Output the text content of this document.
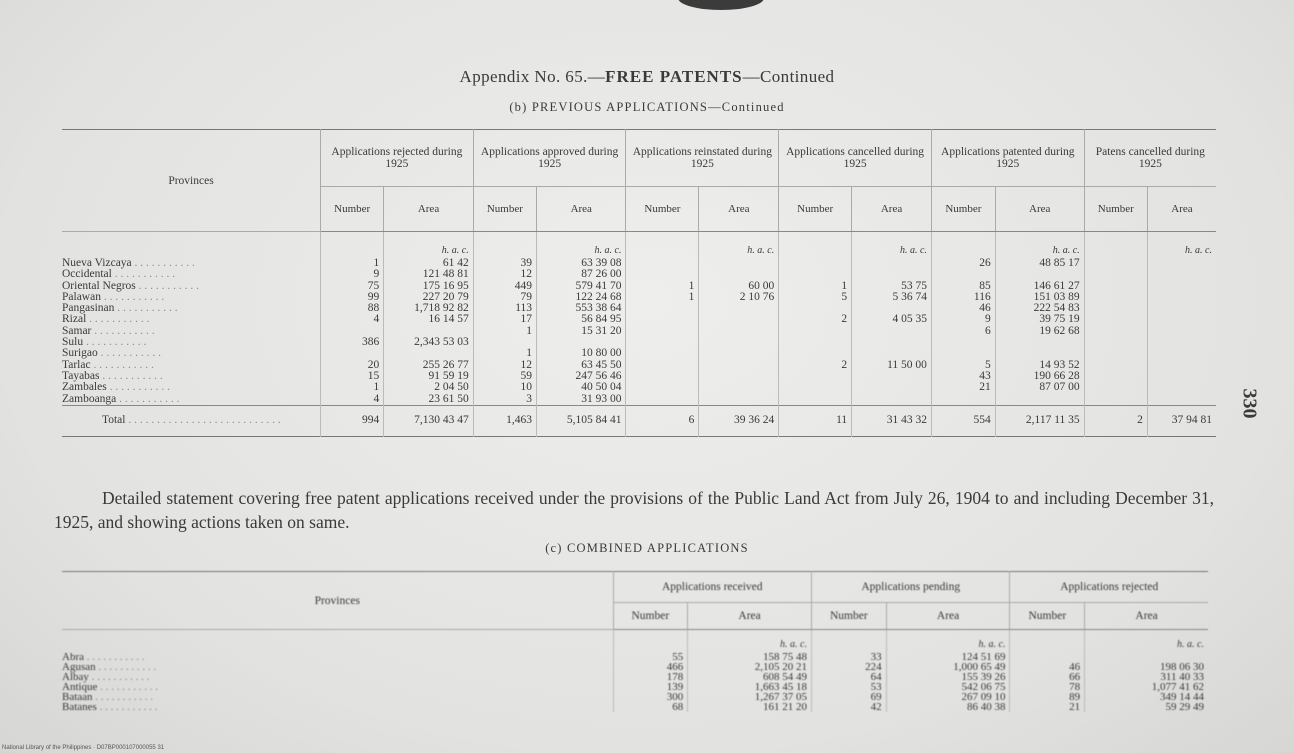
Appendix No. 65.—FREE PATENTS—Continued
(b) PREVIOUS APPLICATIONS—Continued
Provinces	Applications rejected during 1925		Applications approved during 1925		Applications reinstated during 1925		Applications cancelled during 1925		Applications patented during 1925		Patens cancelled during 1925	
	Number	Area	Number	Area	Number	Area	Number	Area	Number	Area	Number	Area
		h. a. c.		h. a. c.		h. a. c.		h. a. c.		h. a. c.		h. a. c.
Nueva Vizcaya . . . . . . . . . . .	1	61 42	39	63 39 08					26	48 85 17		
Occidental . . . . . . . . . . .	9	121 48 81	12	87 26 00								
Oriental Negros . . . . . . . . . . .	75	175 16 95	449	579 41 70	1	60 00	1	53 75	85	146 61 27		
Palawan . . . . . . . . . . .	99	227 20 79	79	122 24 68	1	2 10 76	5	5 36 74	116	151 03 89		
Pangasinan . . . . . . . . . . .	88	1,718 92 82	113	553 38 64					46	222 54 83		
Rizal . . . . . . . . . . .	4	16 14 57	17	56 84 95			2	4 05 35	9	39 75 19		
Samar . . . . . . . . . . .			1	15 31 20					6	19 62 68		
Sulu . . . . . . . . . . .	386	2,343 53 03										
Surigao . . . . . . . . . . .			1	10 80 00								
Tarlac . . . . . . . . . . .	20	255 26 77	12	63 45 50			2	11 50 00	5	14 93 52		
Tayabas . . . . . . . . . . .	15	91 59 19	59	247 56 46					43	190 66 28		
Zambales . . . . . . . . . . .	1	2 04 50	10	40 50 04					21	87 07 00		
Zamboanga . . . . . . . . . . .	4	23 61 50	3	31 93 00								
Total . . . . . . . . . . . . . . . . . . . . . . . . . . .	994	7,130 43 47	1,463	5,105 84 41	6	39 36 24	11	31 43 32	554	2,117 11 35	2	37 94 81
Detailed statement covering free patent applications received under the provisions of the Public Land Act from July 26, 1904 to and including December 31, 1925, and showing actions taken on same.
(c) COMBINED APPLICATIONS
Provinces	Applications received		Applications pending		Applications rejected	
	Number	Area	Number	Area	Number	Area
		h. a. c.		h. a. c.		h. a. c.
Abra . . . . . . . . . . .	55	158 75 48	33	124 51 69		
Agusan . . . . . . . . . . .	466	2,105 20 21	224	1,000 65 49	46	198 06 30
Albay . . . . . . . . . . .	178	608 54 49	64	155 39 26	66	311 40 33
Antique . . . . . . . . . . .	139	1,663 45 18	53	542 06 75	78	1,077 41 62
Bataan . . . . . . . . . . .	300	1,267 37 05	69	267 09 10	89	349 14 44
Batanes . . . . . . . . . . .	68	161 21 20	42	86 40 38	21	59 29 49
330
National Library of the Philippines · D07BP000107000055 31
